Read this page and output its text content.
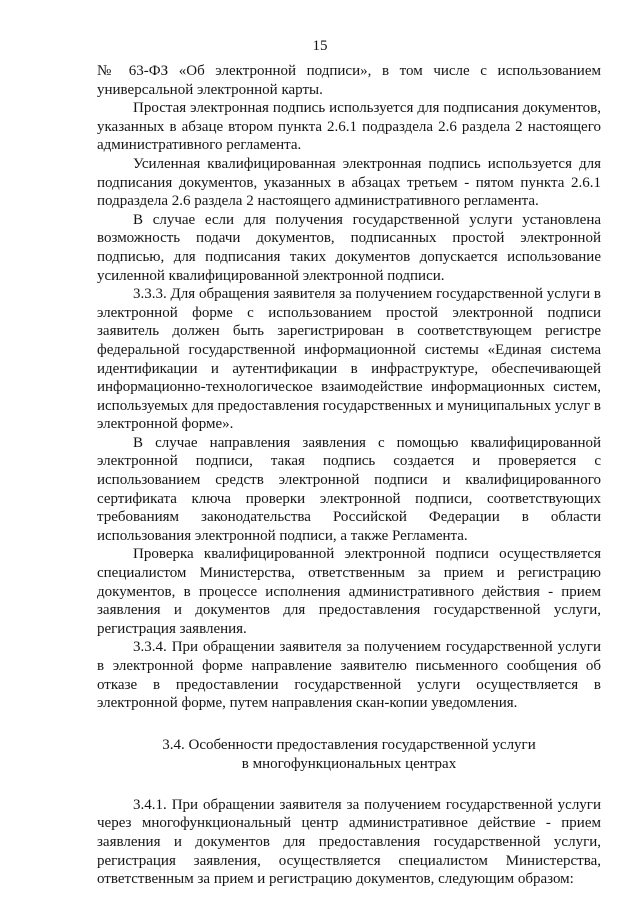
15

№ 63-ФЗ «Об электронной подписи», в том числе с использованием универсальной электронной карты.

Простая электронная подпись используется для подписания документов, указанных в абзаце втором пункта 2.6.1 подраздела 2.6 раздела 2 настоящего административного регламента.

Усиленная квалифицированная электронная подпись используется для подписания документов, указанных в абзацах третьем - пятом пункта 2.6.1 подраздела 2.6 раздела 2 настоящего административного регламента.

В случае если для получения государственной услуги установлена возможность подачи документов, подписанных простой электронной подписью, для подписания таких документов допускается использование усиленной квалифицированной электронной подписи.

3.3.3. Для обращения заявителя за получением государственной услуги в электронной форме с использованием простой электронной подписи заявитель должен быть зарегистрирован в соответствующем регистре федеральной государственной информационной системы «Единая система идентификации и аутентификации в инфраструктуре, обеспечивающей информационно-технологическое взаимодействие информационных систем, используемых для предоставления государственных и муниципальных услуг в электронной форме».

В случае направления заявления с помощью квалифицированной электронной подписи, такая подпись создается и проверяется с использованием средств электронной подписи и квалифицированного сертификата ключа проверки электронной подписи, соответствующих требованиям законодательства Российской Федерации в области использования электронной подписи, а также Регламента.

Проверка квалифицированной электронной подписи осуществляется специалистом Министерства, ответственным за прием и регистрацию документов, в процессе исполнения административного действия - прием заявления и документов для предоставления государственной услуги, регистрация заявления.

3.3.4. При обращении заявителя за получением государственной услуги в электронной форме направление заявителю письменного сообщения об отказе в предоставлении государственной услуги осуществляется в электронной форме, путем направления скан-копии уведомления.

3.4. Особенности предоставления государственной услуги
в многофункциональных центрах

3.4.1. При обращении заявителя за получением государственной услуги через многофункциональный центр административное действие - прием заявления и документов для предоставления государственной услуги, регистрация заявления, осуществляется специалистом Министерства, ответственным за прием и регистрацию документов, следующим образом:
